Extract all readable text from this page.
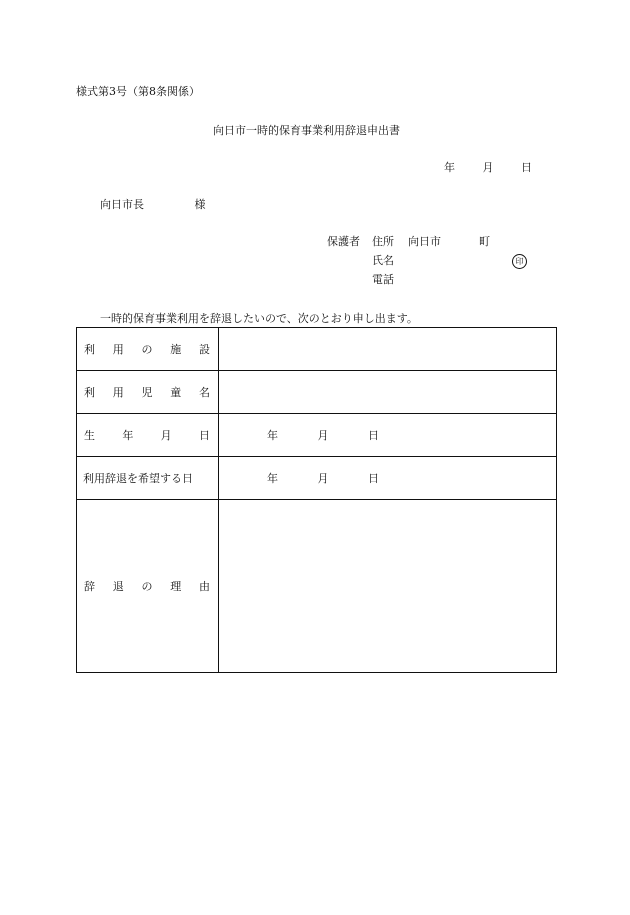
様式第3号（第8条関係）
向日市一時的保育事業利用辞退申出書
年	月	日
向日市長	様
保護者 住所 向日市	町
氏名	印
電話
一時的保育事業利用を辞退したいので、次のとおり申し出ます。
利 用 の 施 設	

利 用 児 童 名	

生 年 月 日	年 月 日
利用辞退を希望する日	年 月 日

辞 退 の 理 由	
